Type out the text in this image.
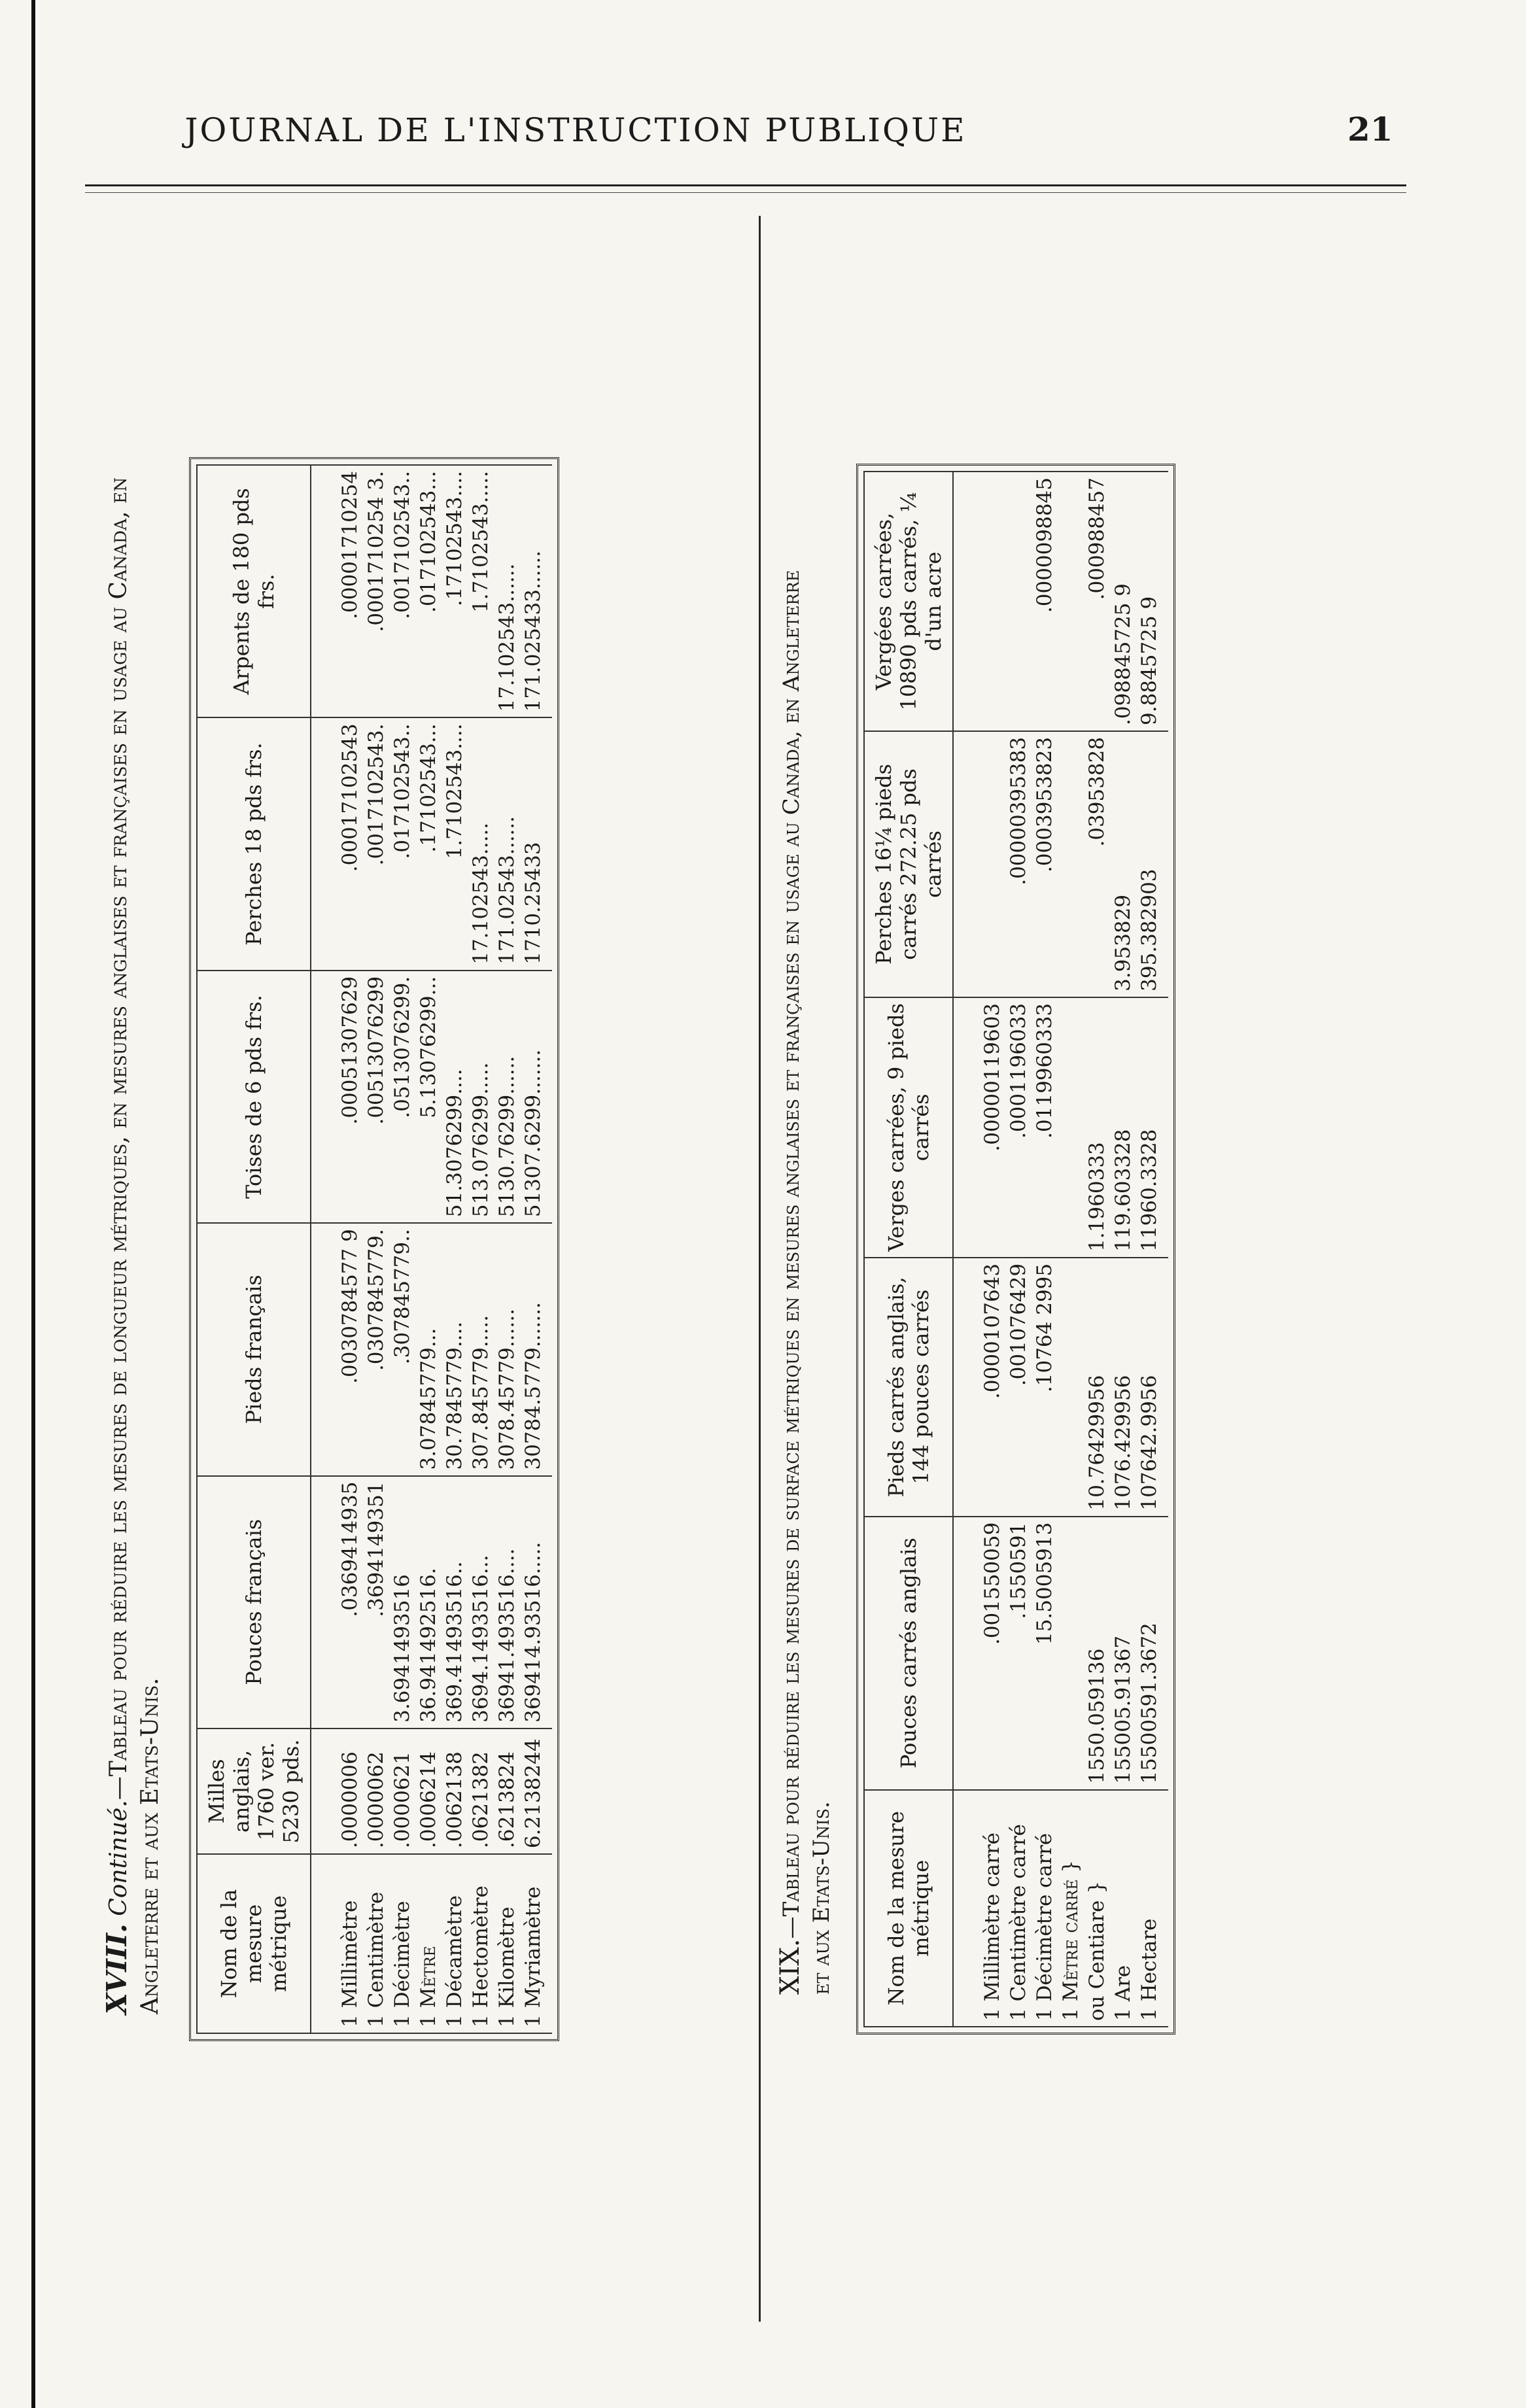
JOURNAL DE L'INSTRUCTION PUBLIQUE	21
XVIII. Continué.—Tableau pour réduire les mesures de longueur métriques, en mesures anglaises et françaises en usage au Canada, en Angleterre et aux Etats-Unis.	Nom de la mesure métrique	Milles anglais, 1760 ver. 5230 pds.	Pouces français	Pieds français	Toises de 6 pds frs.	Perches 18 pds frs.	Arpents de 180 pds frs.

1 Millimètre	.0000006	.0369414935	.0030784577 9	.00051307629	.00017102543	.00001710254
1 Centimètre	.0000062	.3694149351	.0307845779.	.00513076299	.0017102543.	.0001710254 3.
1 Décimètre	.0000621	3.6941493516	.307845779..	.0513076299.	.017102543..	.0017102543..
1 Mètre	.0006214	36.941492516.	3.07845779...	5.13076299...	.17102543...	.017102543...
1 Décamètre	.0062138	369.41493516..	30.7845779....	51.3076299....	1.7102543....	.17102543....
1 Hectomètre	.0621382	3694.1493516...	307.845779.....	513.076299.....	17.102543.....	1.7102543.....
1 Kilomètre	.6213824	36941.493516....	3078.45779......	5130.76299......	171.02543......	17.102543......
1 Myriamètre	6.2138244	369414.93516.....	30784.5779.......	51307.6299.......	1710.25433	171.025433......
XIX.—Tableau pour réduire les mesures de surface métriques en mesures anglaises et françaises en usage au Canada, en Angleterre et aux Etats-Unis. Nom de la mesure métrique	Pouces carrés anglais	Pieds carrés anglais, 144 pouces carrés	Verges carrées, 9 pieds carrés	Perches 16¼ pieds carrés 272.25 pds carrés	Vergées carrées, 10890 pds carrés, ¼ d'un acre

1 Millimètre carré	.001550059	.0000107643	.00000119603		
1 Centimètre carré	.1550591	.001076429	.0001196033	.00000395383	
1 Décimètre carré	15.5005913	.10764 2995	.0119960333	.0003953823	.0000098845
1 Mètre carré }					
ou Centiare }	1550.059136	10.76429956	1.1960333	.03953828	.000988457
1 Are	155005.91367	1076.429956	119.603328	3.953829	.098845725 9
1 Hectare	15500591.3672	107642.9956	11960.3328	395.382903	9.8845725 9
